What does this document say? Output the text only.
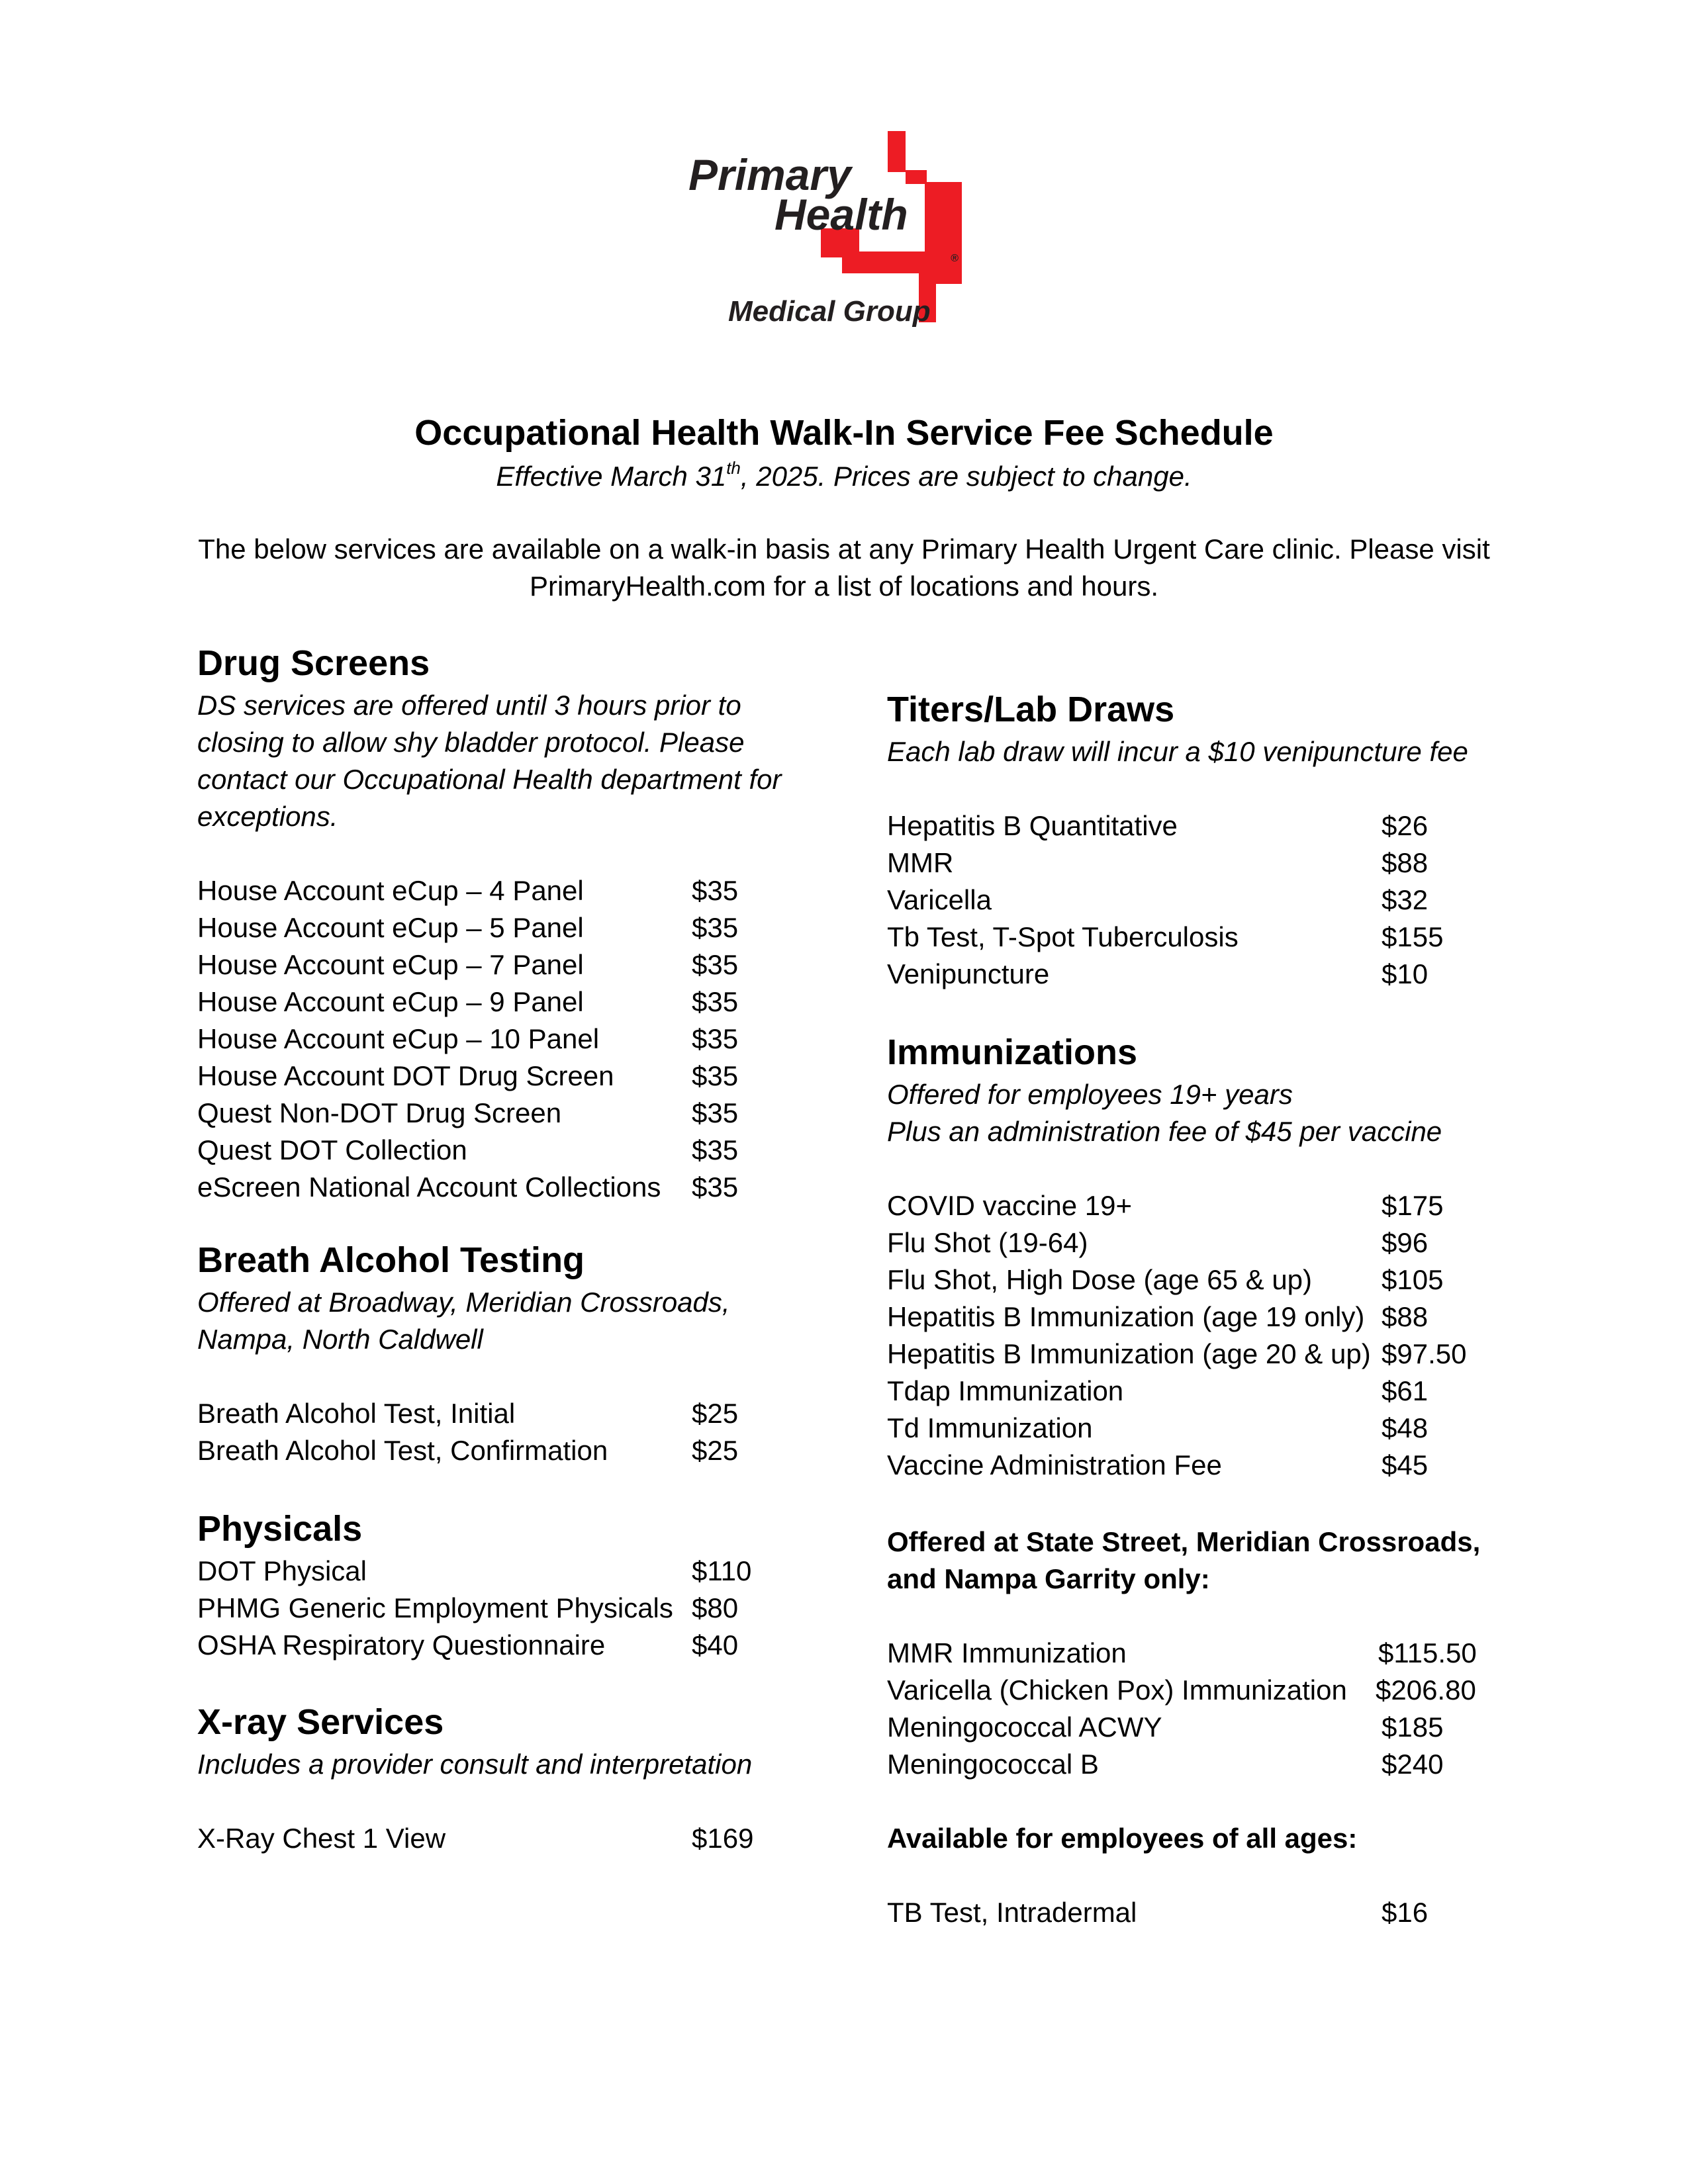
Primary
Health
®
Medical Group
Occupational Health Walk-In Service Fee Schedule
Effective March 31th, 2025. Prices are subject to change.
The below services are available on a walk-in basis at any Primary Health Urgent Care clinic. Please visit
PrimaryHealth.com for a list of locations and hours.
Drug Screens
DS services are offered until 3 hours prior to
closing to allow shy bladder protocol. Please
contact our Occupational Health department for
exceptions.
House Account eCup – 4 Panel	$35
House Account eCup – 5 Panel	$35
House Account eCup – 7 Panel	$35
House Account eCup – 9 Panel	$35
House Account eCup – 10 Panel	$35
House Account DOT Drug Screen	$35
Quest Non-DOT Drug Screen	$35
Quest DOT Collection	$35
eScreen National Account Collections $35
Breath Alcohol Testing
Offered at Broadway, Meridian Crossroads,
Nampa, North Caldwell
Breath Alcohol Test, Initial	$25
Breath Alcohol Test, Confirmation	$25
Physicals
DOT Physical	$110
PHMG Generic Employment Physicals $80
OSHA Respiratory Questionnaire	$40
X-ray Services
Includes a provider consult and interpretation
X-Ray Chest 1 View	$169
Titers/Lab Draws
Each lab draw will incur a $10 venipuncture fee
Hepatitis B Quantitative	$26
MMR	$88
Varicella	$32
Tb Test, T-Spot Tuberculosis	$155
Venipuncture	$10
Immunizations
Offered for employees 19+ years
Plus an administration fee of $45 per vaccine
COVID vaccine 19+	$175
Flu Shot (19-64)	$96
Flu Shot, High Dose (age 65 & up) $105
Hepatitis B Immunization (age 19 only) $88
Hepatitis B Immunization (age 20 & up) $97.50
Tdap Immunization	$61
Td Immunization	$48
Vaccine Administration Fee	$45
Offered at State Street, Meridian Crossroads,
and Nampa Garrity only:
MMR Immunization	$115.50
Varicella (Chicken Pox) Immunization $206.80
Meningococcal ACWY	$185
Meningococcal B	$240
Available for employees of all ages:
TB Test, Intradermal	$16
